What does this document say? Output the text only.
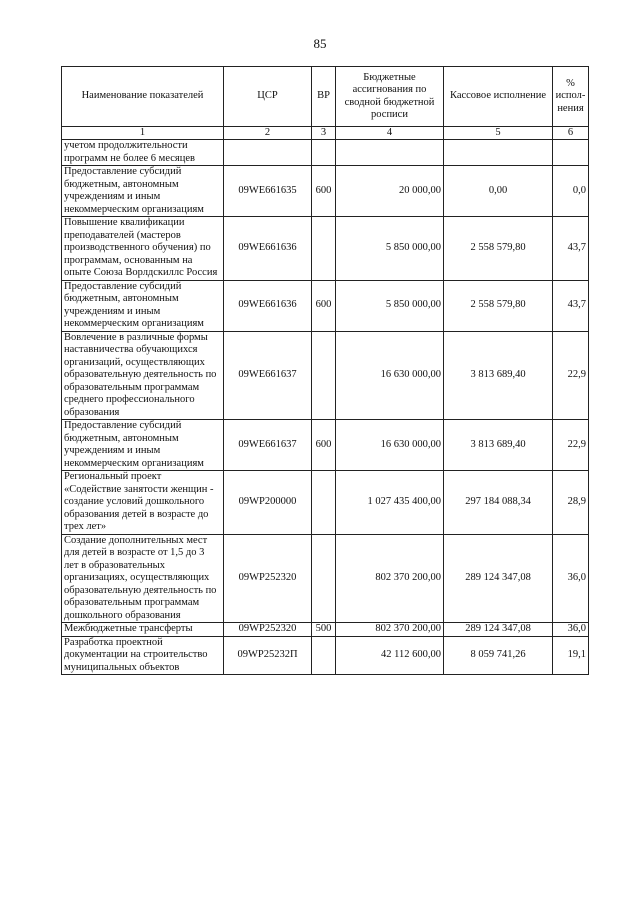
85
Наименование показателей	ЦСР	ВР	Бюджетные ассигнования по сводной бюджетной росписи	Кассовое исполнение	% испол-нения
1	2	3	4	5	6
учетом продолжительности программ не более 6 месяцев					
Предоставление субсидий бюджетным, автономным учреждениям и иным некоммерческим организациям	09WE661635	600	20 000,00	0,00	0,0
Повышение квалификации преподавателей (мастеров производственного обучения) по программам, основанным на опыте Союза Ворлдскиллс Россия	09WE661636		5 850 000,00	2 558 579,80	43,7
Предоставление субсидий бюджетным, автономным учреждениям и иным некоммерческим организациям	09WE661636	600	5 850 000,00	2 558 579,80	43,7
Вовлечение в различные формы наставничества обучающихся организаций, осуществляющих образовательную деятельность по образовательным программам среднего профессионального образования	09WE661637		16 630 000,00	3 813 689,40	22,9
Предоставление субсидий бюджетным, автономным учреждениям и иным некоммерческим организациям	09WE661637	600	16 630 000,00	3 813 689,40	22,9
Региональный проект «Содействие занятости женщин - создание условий дошкольного образования детей в возрасте до трех лет»	09WP200000		1 027 435 400,00	297 184 088,34	28,9
Создание дополнительных мест для детей в возрасте от 1,5 до 3 лет в образовательных организациях, осуществляющих образовательную деятельность по образовательным программам дошкольного образования	09WP252320		802 370 200,00	289 124 347,08	36,0
Межбюджетные трансферты	09WP252320	500	802 370 200,00	289 124 347,08	36,0
Разработка проектной документации на строительство муниципальных объектов	09WP25232П		42 112 600,00	8 059 741,26	19,1
